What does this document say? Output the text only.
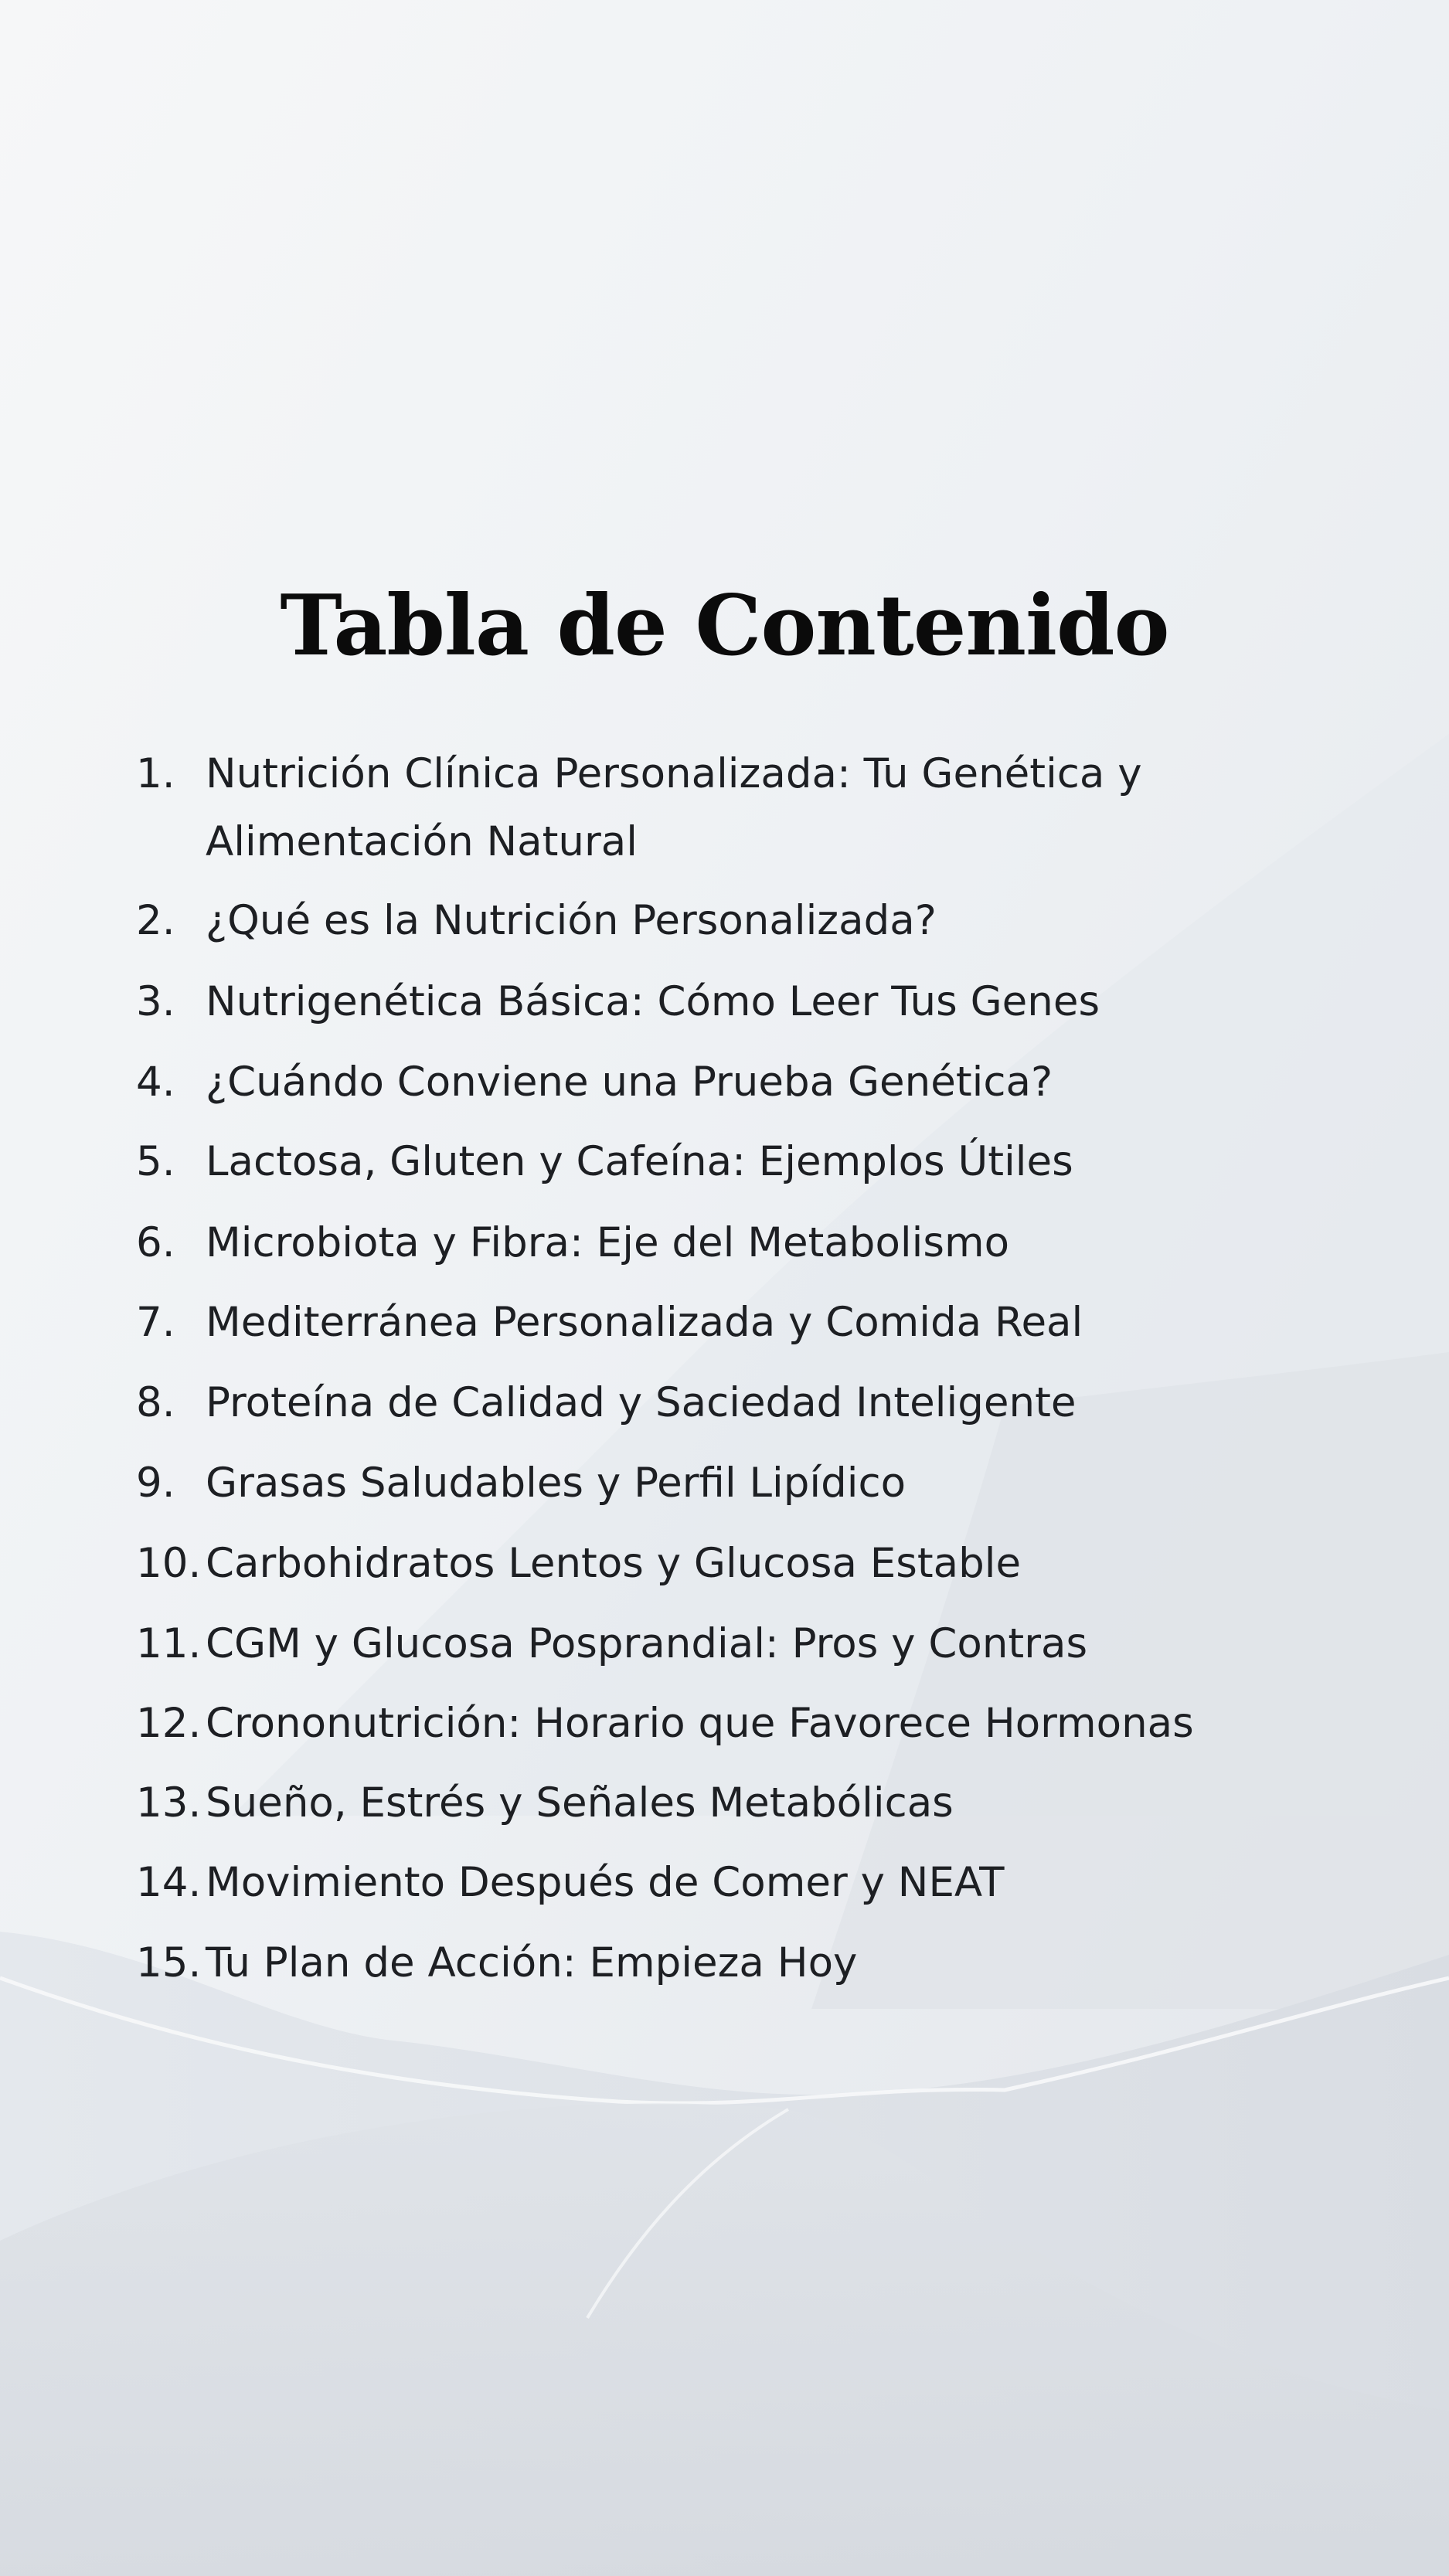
Tabla de Contenido
1. Nutrición Clínica Personalizada: Tu Genética y
Alimentación Natural
2. ¿Qué es la Nutrición Personalizada?
3. Nutrigenética Básica: Cómo Leer Tus Genes
4. ¿Cuándo Conviene una Prueba Genética?
5. Lactosa, Gluten y Cafeína: Ejemplos Útiles
6. Microbiota y Fibra: Eje del Metabolismo
7. Mediterránea Personalizada y Comida Real
8. Proteína de Calidad y Saciedad Inteligente
9. Grasas Saludables y Perfil Lipídico
10. Carbohidratos Lentos y Glucosa Estable
11. CGM y Glucosa Posprandial: Pros y Contras
12. Crononutrición: Horario que Favorece Hormonas
13. Sueño, Estrés y Señales Metabólicas
14. Movimiento Después de Comer y NEAT
15. Tu Plan de Acción: Empieza Hoy
